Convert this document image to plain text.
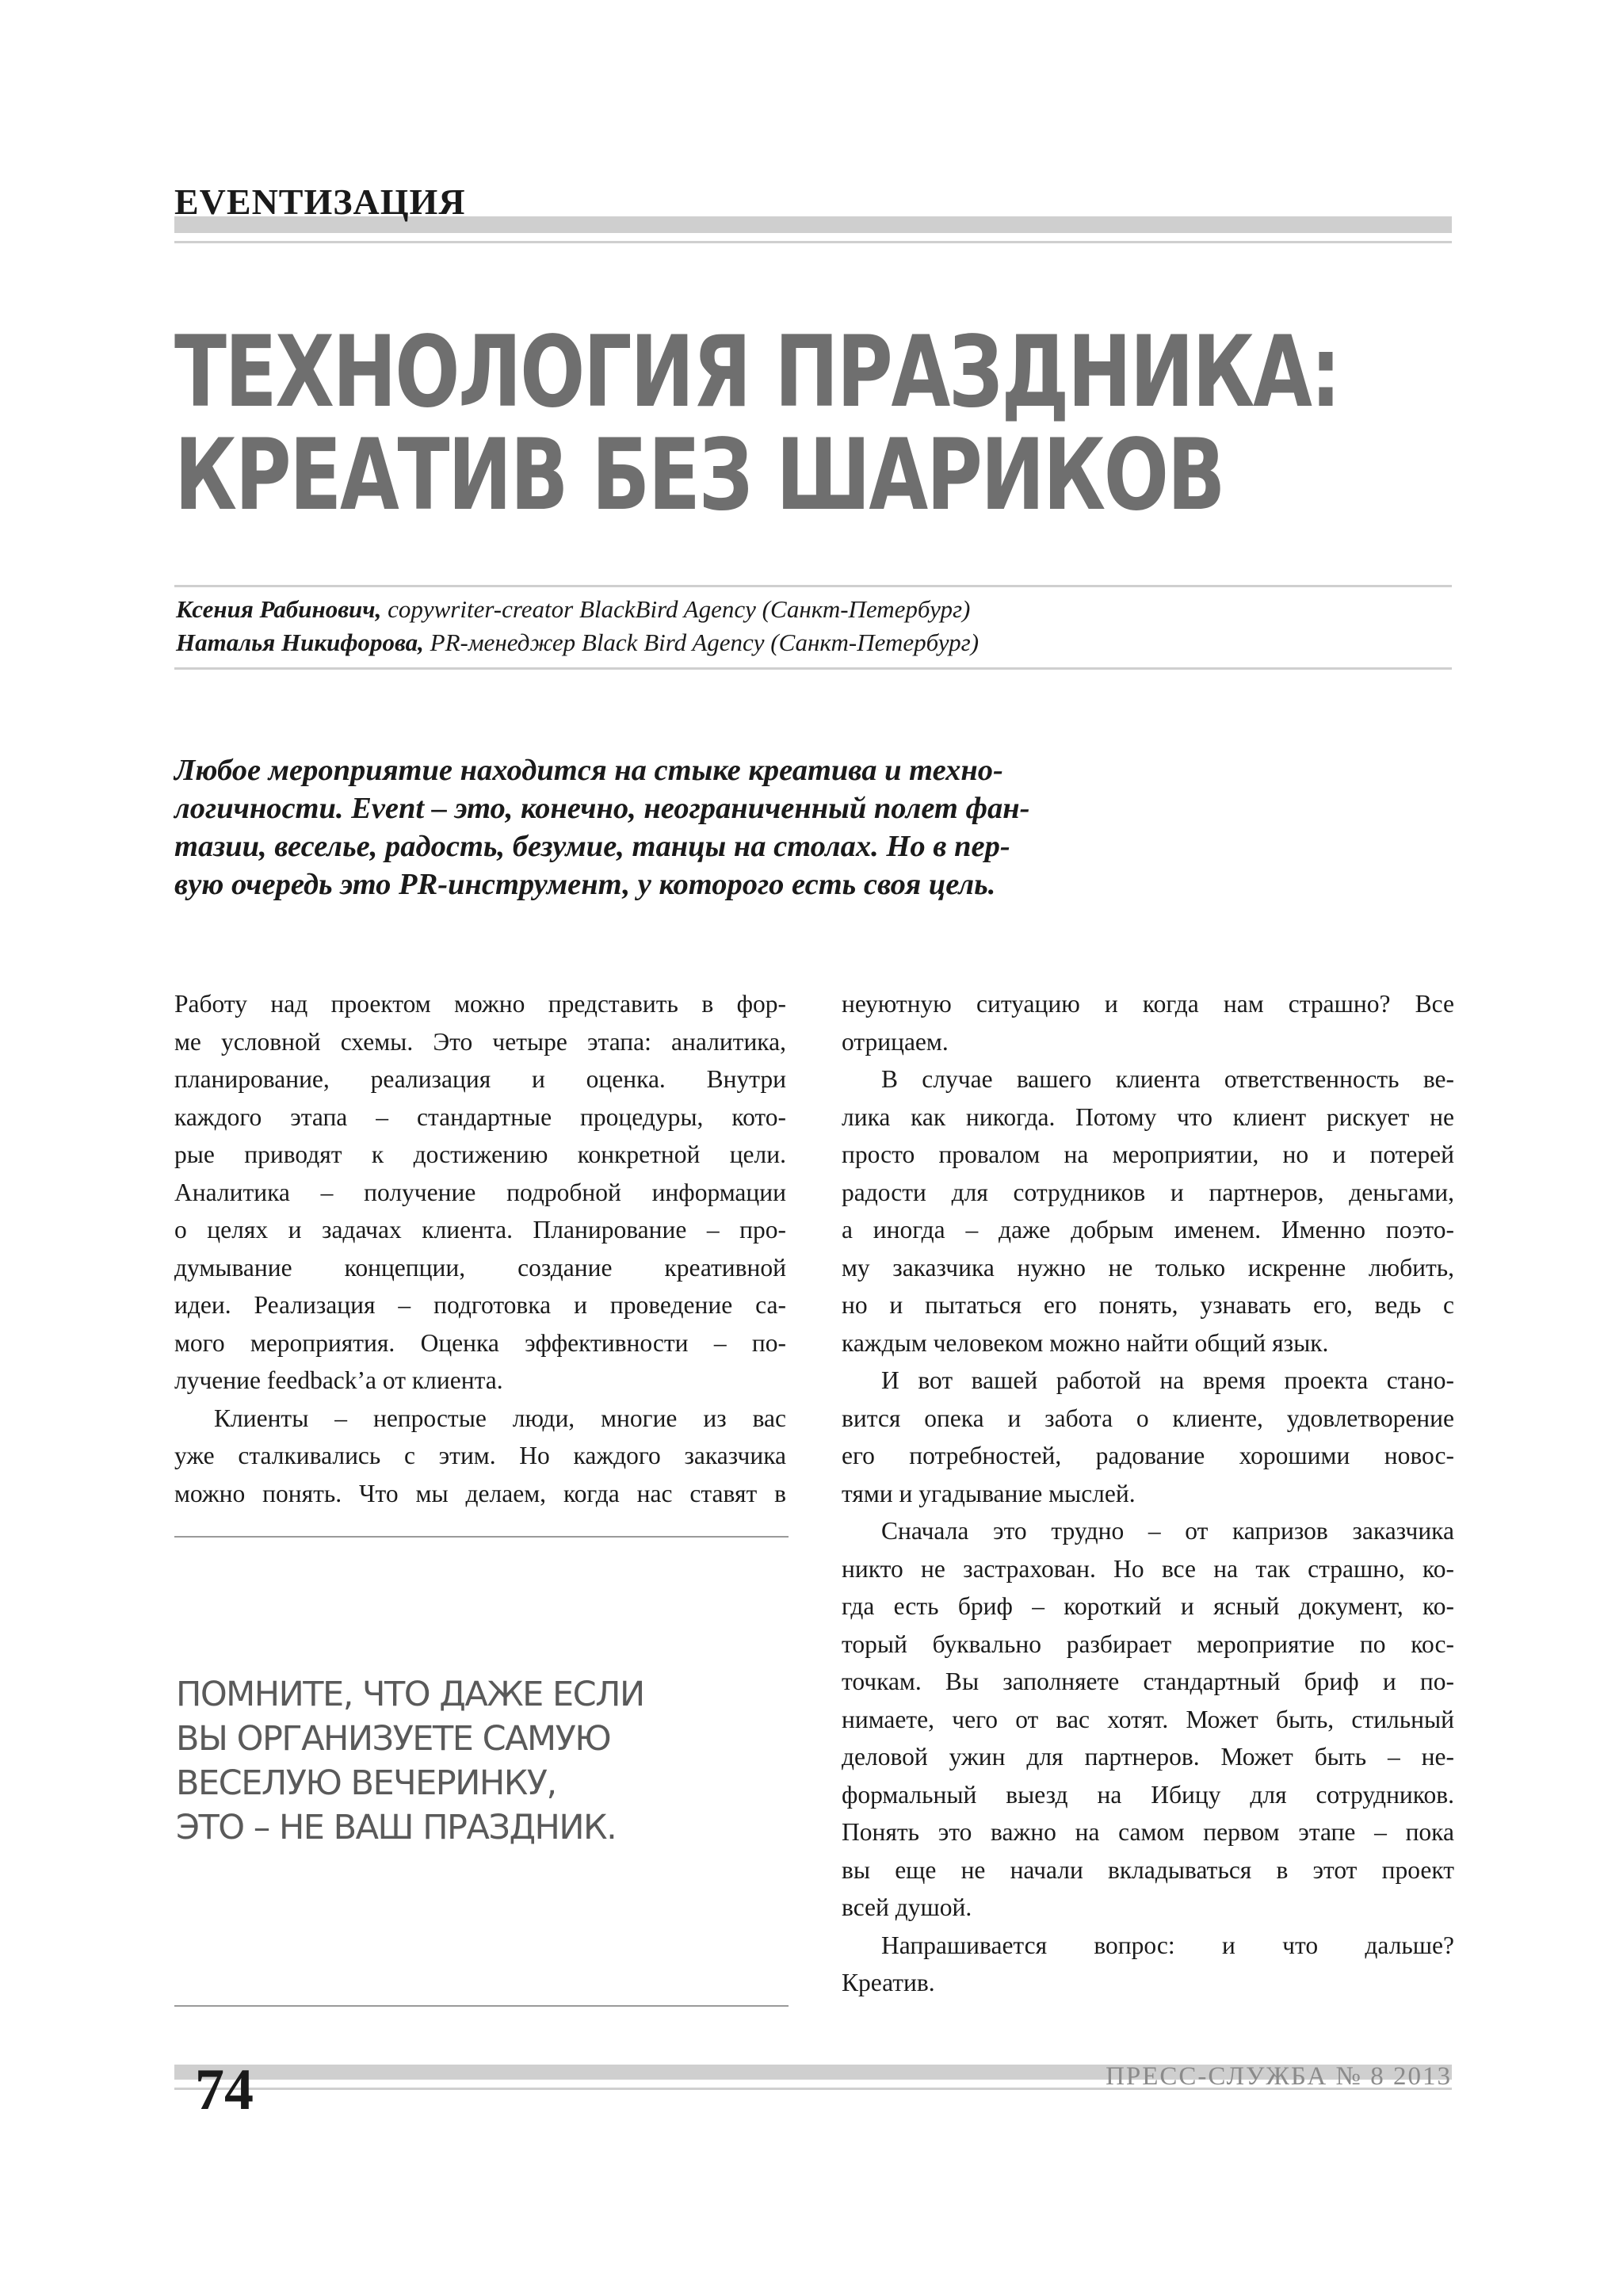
EVENTИЗАЦИЯ
ТЕХНОЛОГИЯ ПРАЗДНИКА:
КРЕАТИВ БЕЗ ШАРИКОВ
Ксения Рабинович, copywriter-creator BlackBird Agency (Санкт-Петербург)
Наталья Никифорова, PR-менеджер Black Bird Agency (Санкт-Петербург)
Любое мероприятие находится на стыке креатива и техно-
логичности. Event – это, конечно, неограниченный полет фан-
тазии, веселье, радость, безумие, танцы на столах. Но в пер-
вую очередь это PR-инструмент, у которого есть своя цель.
Работу над проектом можно представить в фор-
ме условной схемы. Это четыре этапа: аналитика,
планирование, реализация и оценка. Внутри
каждого этапа – стандартные процедуры, кото-
рые приводят к достижению конкретной цели.
Аналитика – получение подробной информации
о целях и задачах клиента. Планирование – про-
думывание концепции, создание креативной
идеи. Реализация – подготовка и проведение са-
мого мероприятия. Оценка эффективности – по-
лучение feedback’а от клиента.
Клиенты – непростые люди, многие из вас
уже сталкивались с этим. Но каждого заказчика
можно понять. Что мы делаем, когда нас ставят в
ПОМНИТЕ, ЧТО ДАЖЕ ЕСЛИ
ВЫ ОРГАНИЗУЕТЕ САМУЮ
ВЕСЕЛУЮ ВЕЧЕРИНКУ,
ЭТО – НЕ ВАШ ПРАЗДНИК.
неуютную ситуацию и когда нам страшно? Все
отрицаем.
В случае вашего клиента ответственность ве-
лика как никогда. Потому что клиент рискует не
просто провалом на мероприятии, но и потерей
радости для сотрудников и партнеров, деньгами,
а иногда – даже добрым именем. Именно поэто-
му заказчика нужно не только искренне любить,
но и пытаться его понять, узнавать его, ведь с
каждым человеком можно найти общий язык.
И вот вашей работой на время проекта стано-
вится опека и забота о клиенте, удовлетворение
его потребностей, радование хорошими новос-
тями и угадывание мыслей.
Сначала это трудно – от капризов заказчика
никто не застрахован. Но все на так страшно, ко-
гда есть бриф – короткий и ясный документ, ко-
торый буквально разбирает мероприятие по кос-
точкам. Вы заполняете стандартный бриф и по-
нимаете, чего от вас хотят. Может быть, стильный
деловой ужин для партнеров. Может быть – не-
формальный выезд на Ибицу для сотрудников.
Понять это важно на самом первом этапе – пока
вы еще не начали вкладываться в этот проект
всей душой.
Напрашивается вопрос: и что дальше?
Креатив.
74	ПРЕСС-СЛУЖБА № 8 2013
